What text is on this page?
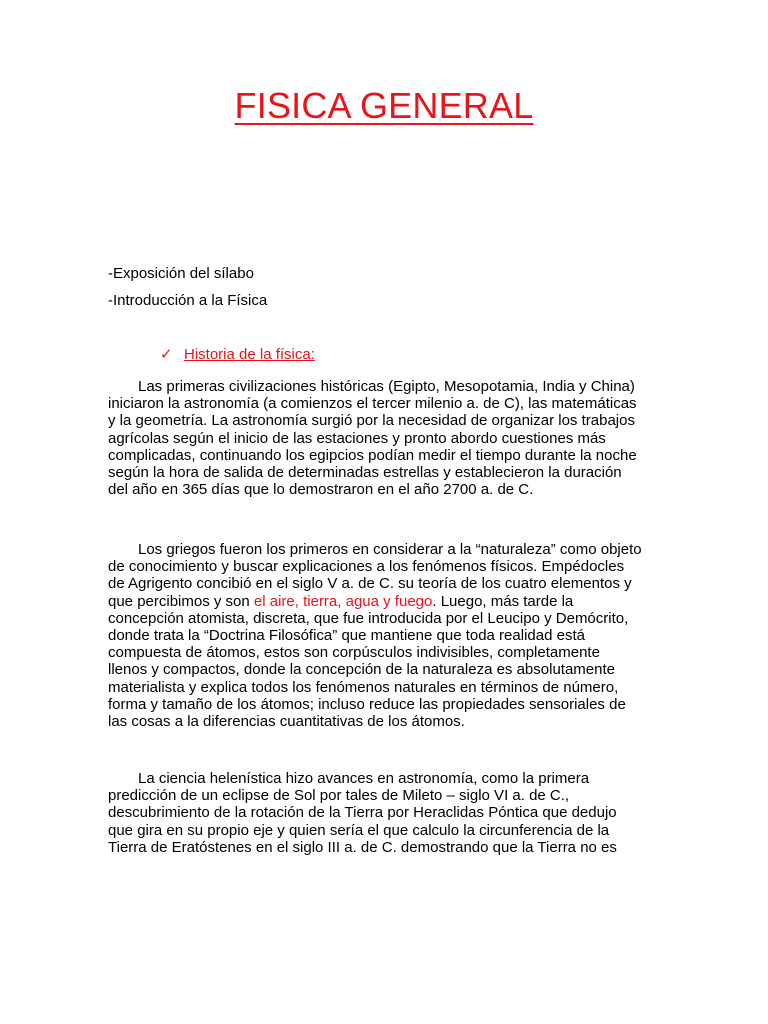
FISICA GENERAL
-Exposición del sílabo
-Introducción a la Física
✓ Historia de la física:
Las primeras civilizaciones históricas (Egipto, Mesopotamia, India y China)
iniciaron la astronomía (a comienzos el tercer milenio a. de C), las matemáticas
y la geometría. La astronomía surgió por la necesidad de organizar los trabajos
agrícolas según el inicio de las estaciones y pronto abordo cuestiones más
complicadas, continuando los egipcios podían medir el tiempo durante la noche
según la hora de salida de determinadas estrellas y establecieron la duración
del año en 365 días que lo demostraron en el año 2700 a. de C.
Los griegos fueron los primeros en considerar a la “naturaleza” como objeto
de conocimiento y buscar explicaciones a los fenómenos físicos. Empédocles
de Agrigento concibió en el siglo V a. de C. su teoría de los cuatro elementos y
que percibimos y son el aire, tierra, agua y fuego. Luego, más tarde la
concepción atomista, discreta, que fue introducida por el Leucipo y Demócrito,
donde trata la “Doctrina Filosófica” que mantiene que toda realidad está
compuesta de átomos, estos son corpúsculos indivisibles, completamente
llenos y compactos, donde la concepción de la naturaleza es absolutamente
materialista y explica todos los fenómenos naturales en términos de número,
forma y tamaño de los átomos; incluso reduce las propiedades sensoriales de
las cosas a la diferencias cuantitativas de los átomos.
La ciencia helenística hizo avances en astronomía, como la primera
predicción de un eclipse de Sol por tales de Mileto – siglo VI a. de C.,
descubrimiento de la rotación de la Tierra por Heraclidas Póntica que dedujo
que gira en su propio eje y quien sería el que calculo la circunferencia de la
Tierra de Eratóstenes en el siglo III a. de C. demostrando que la Tierra no es
